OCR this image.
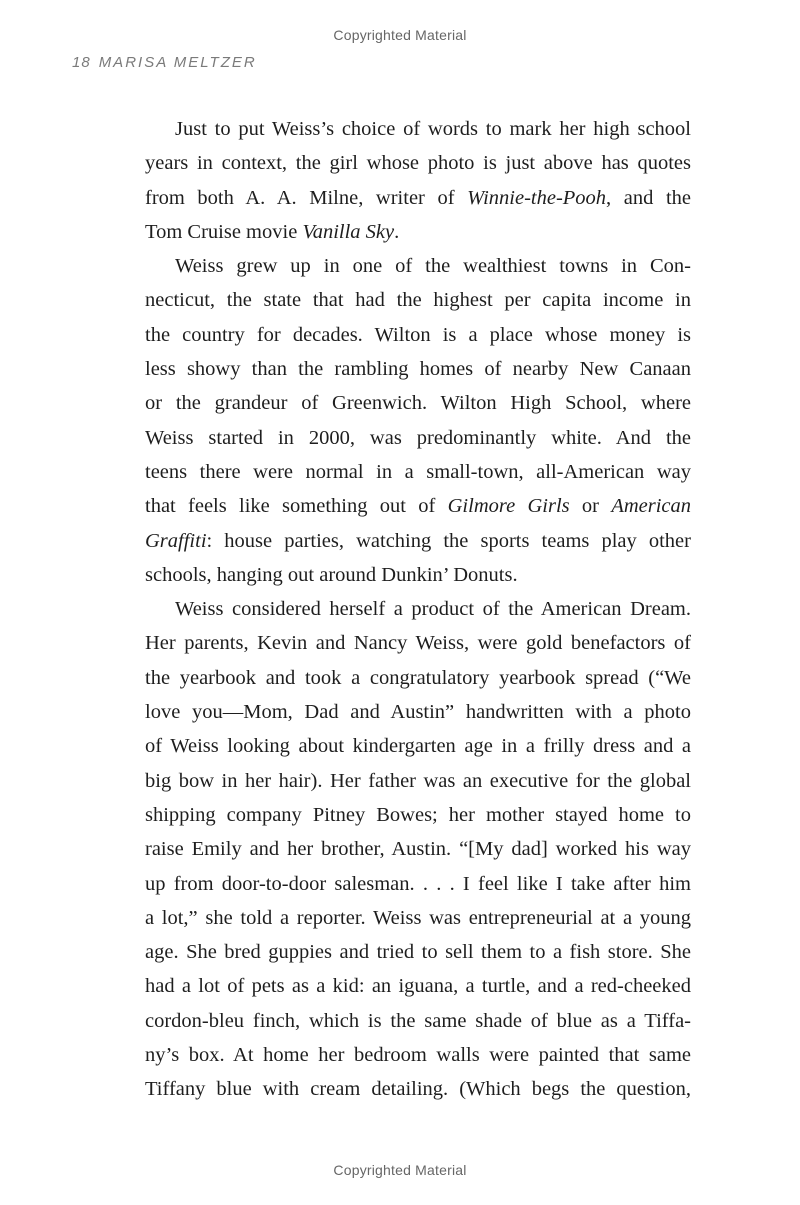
Copyrighted Material
18 MARISA MELTZER
Just to put Weiss’s choice of words to mark her high school
years in context, the girl whose photo is just above has quotes
from both A. A. Milne, writer of Winnie-the-Pooh, and the
Tom Cruise movie Vanilla Sky.
Weiss grew up in one of the wealthiest towns in Con-
necticut, the state that had the highest per capita income in
the country for decades. Wilton is a place whose money is
less showy than the rambling homes of nearby New Canaan
or the grandeur of Greenwich. Wilton High School, where
Weiss started in 2000, was predominantly white. And the
teens there were normal in a small-town, all-American way
that feels like something out of Gilmore Girls or American
Graffiti: house parties, watching the sports teams play other
schools, hanging out around Dunkin’ Donuts.
Weiss considered herself a product of the American Dream.
Her parents, Kevin and Nancy Weiss, were gold benefactors of
the yearbook and took a congratulatory yearbook spread (“We
love you—Mom, Dad and Austin” handwritten with a photo
of Weiss looking about kindergarten age in a frilly dress and a
big bow in her hair). Her father was an executive for the global
shipping company Pitney Bowes; her mother stayed home to
raise Emily and her brother, Austin. “[My dad] worked his way
up from door-to-door salesman. . . . I feel like I take after him
a lot,” she told a reporter. Weiss was entrepreneurial at a young
age. She bred guppies and tried to sell them to a fish store. She
had a lot of pets as a kid: an iguana, a turtle, and a red-cheeked
cordon-bleu finch, which is the same shade of blue as a Tiffa-
ny’s box. At home her bedroom walls were painted that same
Tiffany blue with cream detailing. (Which begs the question,
Copyrighted Material
